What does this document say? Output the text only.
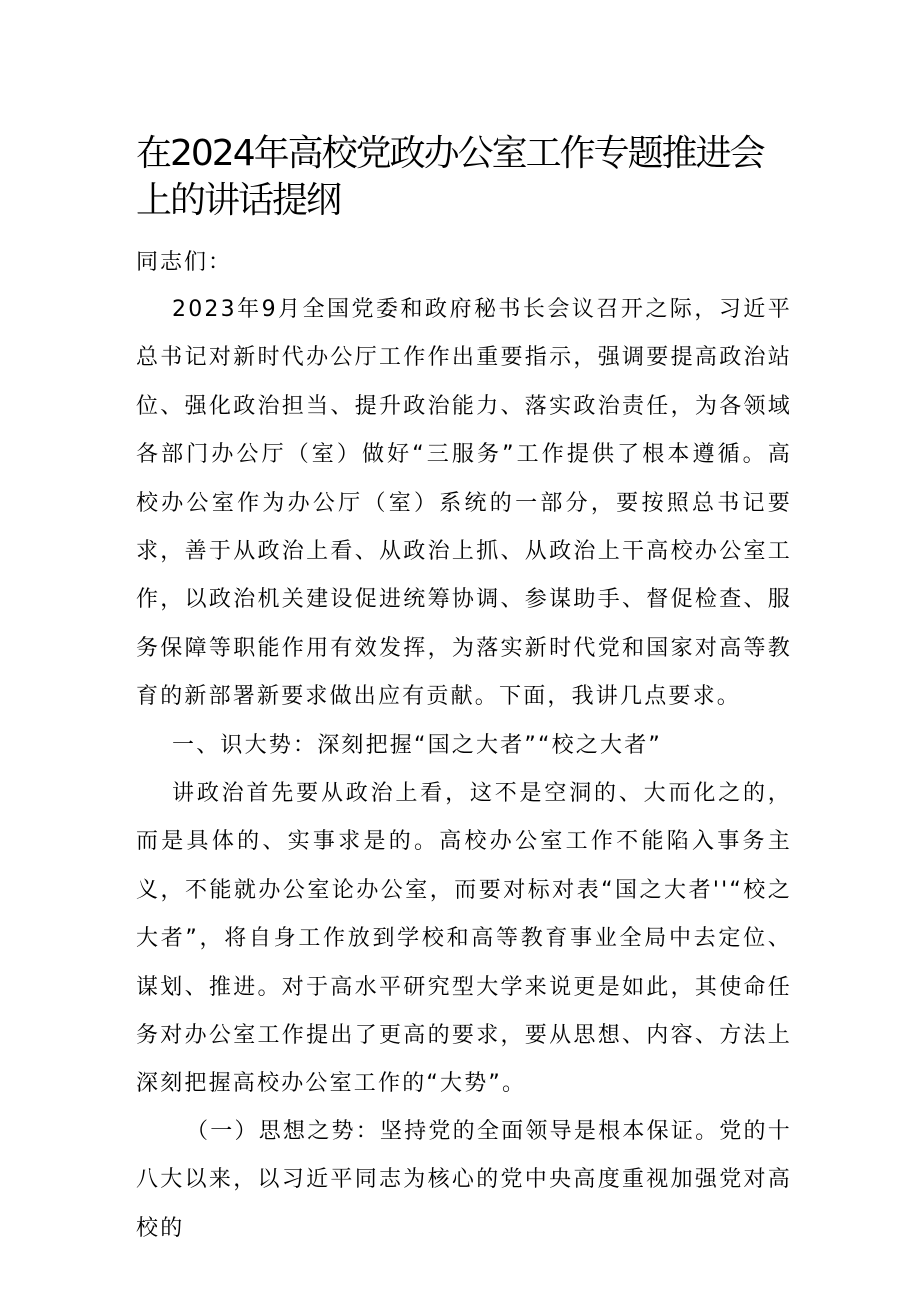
在2024年高校党政办公室工作专题推进会上的讲话提纲
同志们：

2023年9月全国党委和政府秘书长会议召开之际，习近平总书记对新时代办公厅工作作出重要指示，强调要提高政治站位、强化政治担当、提升政治能力、落实政治责任，为各领域各部门办公厅（室）做好“三服务”工作提供了根本遵循。高校办公室作为办公厅（室）系统的一部分，要按照总书记要求，善于从政治上看、从政治上抓、从政治上干高校办公室工作，以政治机关建设促进统筹协调、参谋助手、督促检查、服务保障等职能作用有效发挥，为落实新时代党和国家对高等教育的新部署新要求做出应有贡献。下面，我讲几点要求。

一、识大势：深刻把握“国之大者”“校之大者”

讲政治首先要从政治上看，这不是空洞的、大而化之的，而是具体的、实事求是的。高校办公室工作不能陷入事务主义，不能就办公室论办公室，而要对标对表“国之大者''“校之大者”，将自身工作放到学校和高等教育事业全局中去定位、谋划、推进。对于高水平研究型大学来说更是如此，其使命任务对办公室工作提出了更高的要求，要从思想、内容、方法上深刻把握高校办公室工作的“大势”。

（一）思想之势：坚持党的全面领导是根本保证。党的十八大以来，以习近平同志为核心的党中央高度重视加强党对高校的
